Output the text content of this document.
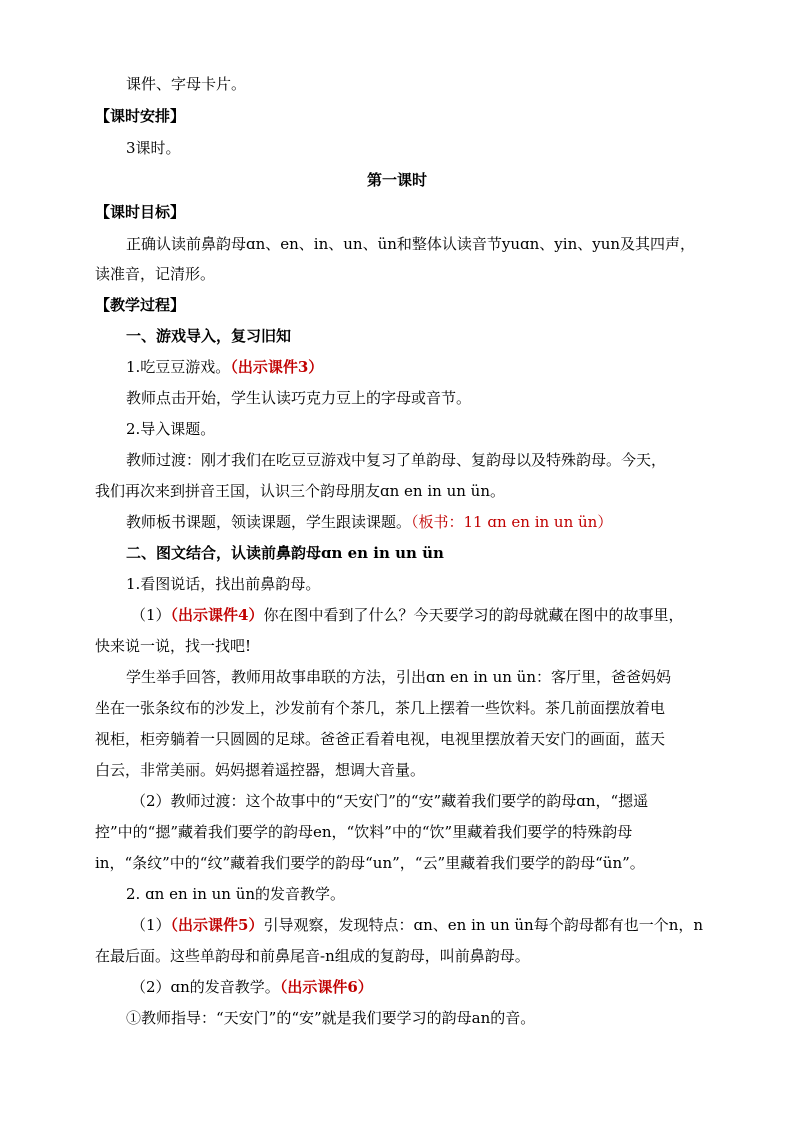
课件、字母卡片。
【课时安排】
3课时。
第一课时
【课时目标】
正确认读前鼻韵母ɑn、en、in、un、ün和整体认读音节yuɑn、yin、yun及其四声，
读准音，记清形。
【教学过程】
一、游戏导入，复习旧知
1.吃豆豆游戏。（出示课件3）
教师点击开始，学生认读巧克力豆上的字母或音节。
2.导入课题。
教师过渡：刚才我们在吃豆豆游戏中复习了单韵母、复韵母以及特殊韵母。今天，
我们再次来到拼音王国，认识三个韵母朋友ɑn en in un ün。
教师板书课题，领读课题，学生跟读课题。（板书：11 ɑn en in un ün）
二、图文结合，认读前鼻韵母ɑn en in un ün
1.看图说话，找出前鼻韵母。
（1）（出示课件4）你在图中看到了什么？今天要学习的韵母就藏在图中的故事里，
快来说一说，找一找吧!
学生举手回答，教师用故事串联的方法，引出ɑn en in un ün：客厅里，爸爸妈妈
坐在一张条纹布的沙发上，沙发前有个茶几，茶几上摆着一些饮料。茶几前面摆放着电
视柜，柜旁躺着一只圆圆的足球。爸爸正看着电视，电视里摆放着天安门的画面，蓝天
白云，非常美丽。妈妈摁着遥控器，想调大音量。
（2）教师过渡：这个故事中的“天安门”的“安”藏着我们要学的韵母ɑn，“摁遥
控”中的“摁”藏着我们要学的韵母en，“饮料”中的“饮”里藏着我们要学的特殊韵母
in，“条纹”中的“纹”藏着我们要学的韵母“un”，“云”里藏着我们要学的韵母“ün”。
2. ɑn en in un ün的发音教学。
（1）（出示课件5）引导观察，发现特点：ɑn、en in un ün每个韵母都有也一个n，n
在最后面。这些单韵母和前鼻尾音-n组成的复韵母，叫前鼻韵母。
（2）ɑn的发音教学。（出示课件6）
①教师指导：“天安门”的“安”就是我们要学习的韵母an的音。
